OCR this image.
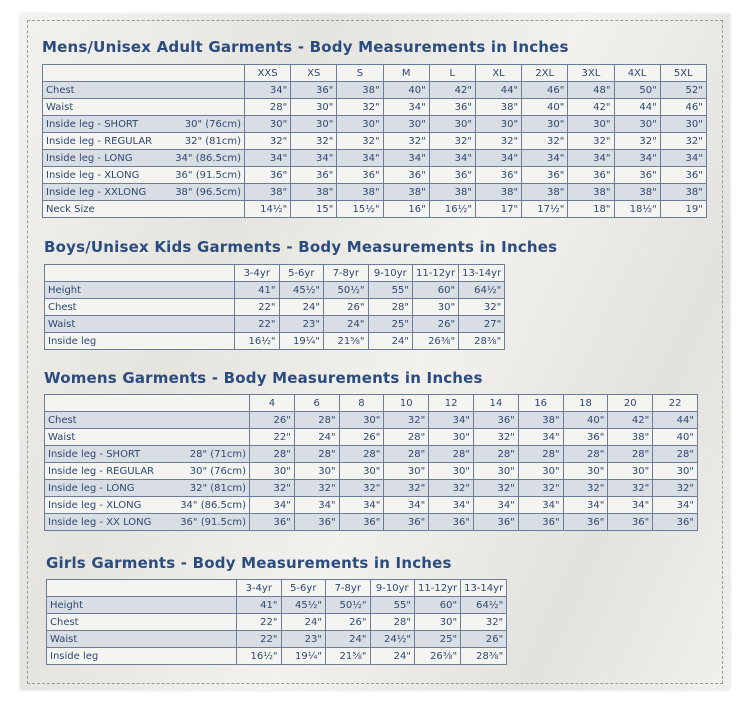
Mens/Unisex Adult Garments - Body Measurements in Inches
	XXS	XS	S	M	L	XL	2XL	3XL	4XL	5XL
Chest	34"	36"	38"	40"	42"	44"	46"	48"	50"	52"
Waist	28"	30"	32"	34"	36"	38"	40"	42"	44"	46"

Inside leg - SHORT 30" (76cm)	30"	30"	30"	30"	30"	30"	30"	30"	30"	30"

Inside leg - REGULAR 32" (81cm)	32"	32"	32"	32"	32"	32"	32"	32"	32"	32"

Inside leg - LONG 34" (86.5cm)	34"	34"	34"	34"	34"	34"	34"	34"	34"	34"

Inside leg - XLONG 36" (91.5cm)	36"	36"	36"	36"	36"	36"	36"	36"	36"	36"

Inside leg - XXLONG 38" (96.5cm)	38"	38"	38"	38"	38"	38"	38"	38"	38"	38"
Neck Size	14½"	15"	15½"	16"	16½"	17"	17½"	18"	18½"	19"
Boys/Unisex Kids Garments - Body Measurements in Inches
	3-4yr	5-6yr	7-8yr	9-10yr	11-12yr	13-14yr
Height	41"	45½"	50½"	55"	60"	64½"
Chest	22"	24"	26"	28"	30"	32"
Waist	22"	23"	24"	25"	26"	27"
Inside leg	16½"	19¼"	21⅝"	24"	26⅜"	28⅜"
Womens Garments - Body Measurements in Inches
	4	6	8	10	12	14	16	18	20	22
Chest	26"	28"	30"	32"	34"	36"	38"	40"	42"	44"
Waist	22"	24"	26"	28"	30"	32"	34"	36"	38"	40"

Inside leg - SHORT 28" (71cm)	28"	28"	28"	28"	28"	28"	28"	28"	28"	28"

Inside leg - REGULAR 30" (76cm)	30"	30"	30"	30"	30"	30"	30"	30"	30"	30"

Inside leg - LONG 32" (81cm)	32"	32"	32"	32"	32"	32"	32"	32"	32"	32"

Inside leg - XLONG 34" (86.5cm)	34"	34"	34"	34"	34"	34"	34"	34"	34"	34"

Inside leg - XX LONG 36" (91.5cm)	36"	36"	36"	36"	36"	36"	36"	36"	36"	36"
Girls Garments - Body Measurements in Inches
	3-4yr	5-6yr	7-8yr	9-10yr	11-12yr	13-14yr
Height	41"	45½"	50½"	55"	60"	64½"
Chest	22"	24"	26"	28"	30"	32"
Waist	22"	23"	24"	24½"	25"	26"
Inside leg	16½"	19¼"	21⅝"	24"	26⅜"	28⅜"
